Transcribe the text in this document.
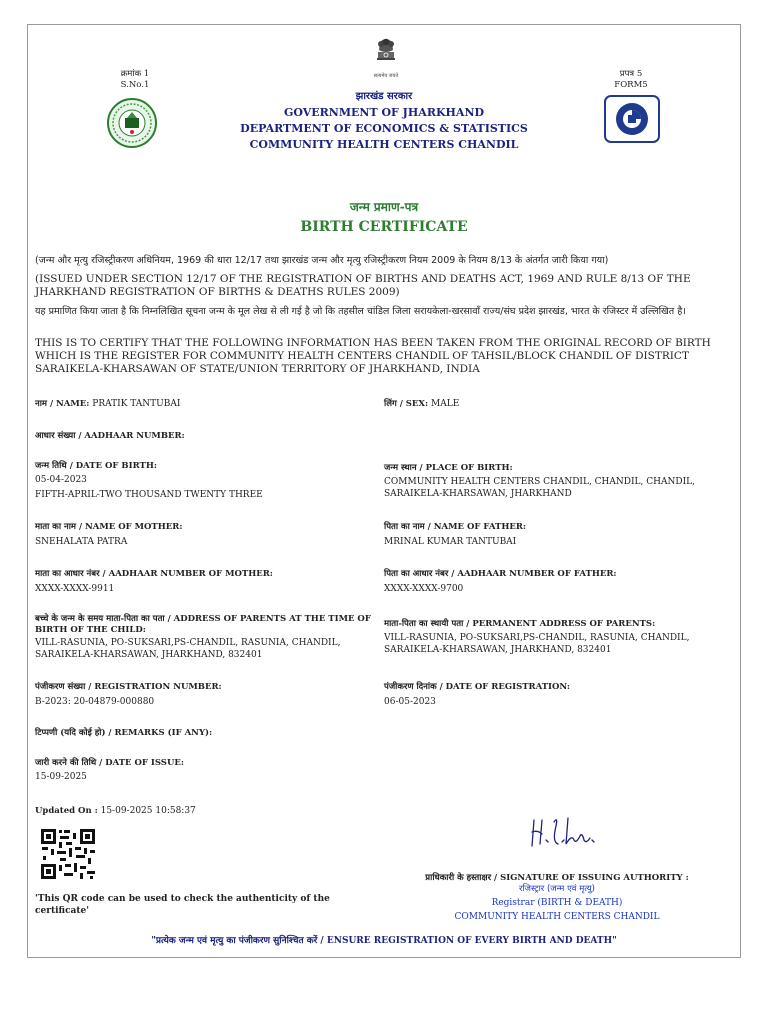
क्रमांक 1
S.No.1
सत्यमेव जयते
झारखंड सरकार
GOVERNMENT OF JHARKHAND
DEPARTMENT OF ECONOMICS & STATISTICS
COMMUNITY HEALTH CENTERS CHANDIL
प्रपत्र 5
FORM5
जन्म प्रमाण-पत्र
BIRTH CERTIFICATE
(जन्म और मृत्यु रजिस्ट्रीकरण अधिनियम, 1969 की धारा 12/17 तथा झारखंड जन्म और मृत्यु रजिस्ट्रीकरण नियम 2009 के नियम 8/13 के अंतर्गत जारी किया गया)
(ISSUED UNDER SECTION 12/17 OF THE REGISTRATION OF BIRTHS AND DEATHS ACT, 1969 AND RULE 8/13 OF THE JHARKHAND REGISTRATION OF BIRTHS & DEATHS RULES 2009)
यह प्रमाणित किया जाता है कि निम्नलिखित सूचना जन्म के मूल लेख से ली गई है जो कि तहसील चांडिल जिला सरायकेला-खरसावाँ राज्य/संघ प्रदेश झारखंड, भारत के रजिस्टर में उल्लिखित है।
THIS IS TO CERTIFY THAT THE FOLLOWING INFORMATION HAS BEEN TAKEN FROM THE ORIGINAL RECORD OF BIRTH WHICH IS THE REGISTER FOR COMMUNITY HEALTH CENTERS CHANDIL OF TAHSIL/BLOCK CHANDIL OF DISTRICT SARAIKELA-KHARSAWAN OF STATE/UNION TERRITORY OF JHARKHAND, INDIA
नाम / NAME: PRATIK TANTUBAI
आधार संख्या / AADHAAR NUMBER:
जन्म तिथि / DATE OF BIRTH:
05-04-2023
FIFTH-APRIL-TWO THOUSAND TWENTY THREE
माता का नाम / NAME OF MOTHER:
SNEHALATA PATRA
माता का आधार नंबर / AADHAAR NUMBER OF MOTHER:
XXXX-XXXX-9911
बच्चे के जन्म के समय माता-पिता का पता / ADDRESS OF PARENTS AT THE TIME OF BIRTH OF THE CHILD:
VILL-RASUNIA, PO-SUKSARI,PS-CHANDIL, RASUNIA, CHANDIL, SARAIKELA-KHARSAWAN, JHARKHAND, 832401
पंजीकरण संख्या / REGISTRATION NUMBER:
B-2023: 20-04879-000880
टिप्पणी (यदि कोई हो) / REMARKS (IF ANY):
जारी करने की तिथि / DATE OF ISSUE:
15-09-2025
लिंग / SEX: MALE
जन्म स्थान / PLACE OF BIRTH:
COMMUNITY HEALTH CENTERS CHANDIL, CHANDIL, CHANDIL, SARAIKELA-KHARSAWAN, JHARKHAND
पिता का नाम / NAME OF FATHER:
MRINAL KUMAR TANTUBAI
पिता का आधार नंबर / AADHAAR NUMBER OF FATHER:
XXXX-XXXX-9700
माता-पिता का स्थायी पता / PERMANENT ADDRESS OF PARENTS:
VILL-RASUNIA, PO-SUKSARI,PS-CHANDIL, RASUNIA, CHANDIL, SARAIKELA-KHARSAWAN, JHARKHAND, 832401
पंजीकरण दिनांक / DATE OF REGISTRATION:
06-05-2023
Updated On : 15-09-2025 10:58:37
'This QR code can be used to check the authenticity of the certificate'
प्राधिकारी के हस्ताक्षर / SIGNATURE OF ISSUING AUTHORITY :
रजिस्ट्रार (जन्म एवं मृत्यु)
Registrar (BIRTH & DEATH)
COMMUNITY HEALTH CENTERS CHANDIL
"प्रत्येक जन्म एवं मृत्यु का पंजीकरण सुनिश्चित करें / ENSURE REGISTRATION OF EVERY BIRTH AND DEATH"
